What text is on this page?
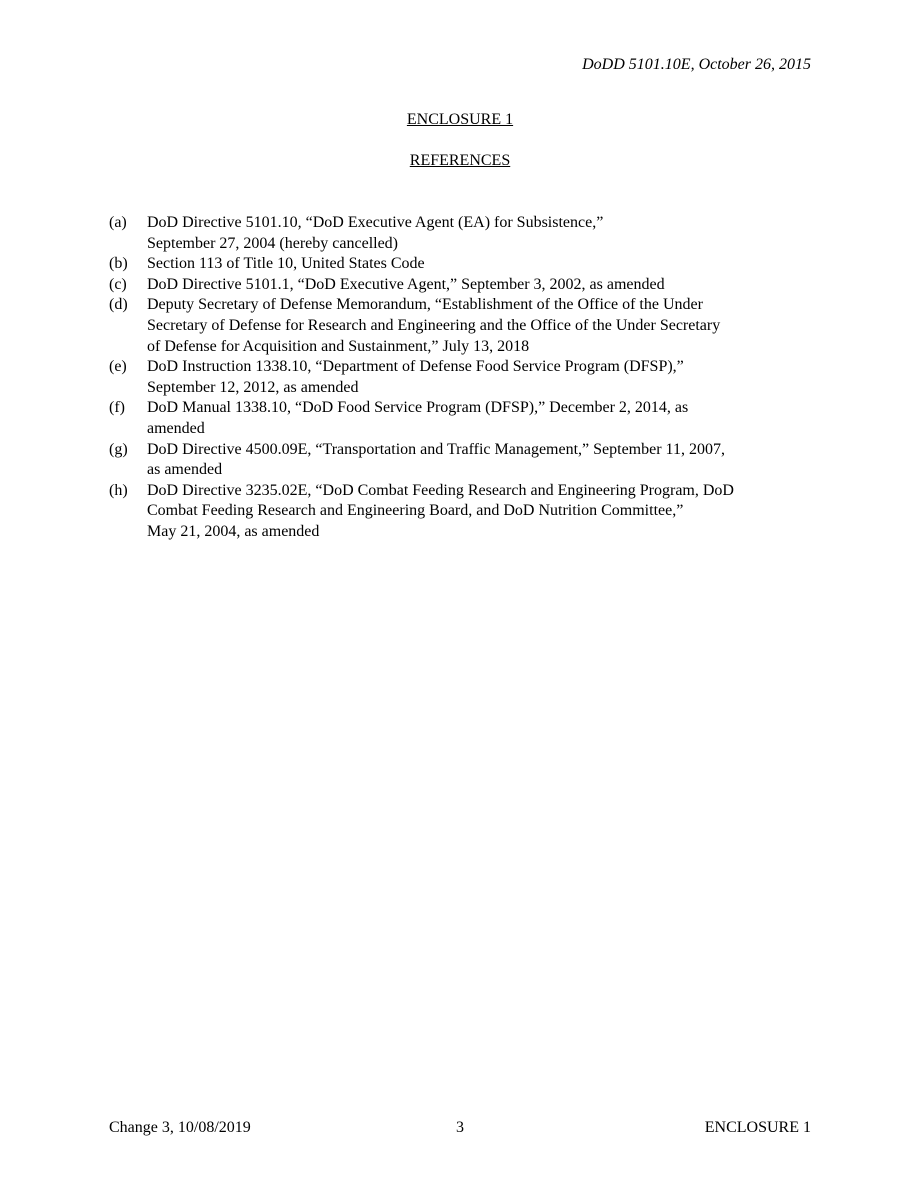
DoDD 5101.10E, October 26, 2015
ENCLOSURE 1
REFERENCES
(a)	DoD Directive 5101.10, “DoD Executive Agent (EA) for Subsistence,”
September 27, 2004 (hereby cancelled)
(b)	Section 113 of Title 10, United States Code
(c)	DoD Directive 5101.1, “DoD Executive Agent,” September 3, 2002, as amended
(d)	Deputy Secretary of Defense Memorandum, “Establishment of the Office of the Under
Secretary of Defense for Research and Engineering and the Office of the Under Secretary
of Defense for Acquisition and Sustainment,” July 13, 2018
(e)	DoD Instruction 1338.10, “Department of Defense Food Service Program (DFSP),”
September 12, 2012, as amended
(f)	DoD Manual 1338.10, “DoD Food Service Program (DFSP),” December 2, 2014, as
amended
(g)	DoD Directive 4500.09E, “Transportation and Traffic Management,” September 11, 2007,
as amended
(h)	DoD Directive 3235.02E, “DoD Combat Feeding Research and Engineering Program, DoD
Combat Feeding Research and Engineering Board, and DoD Nutrition Committee,”
May 21, 2004, as amended
Change 3, 10/08/2019	3	ENCLOSURE 1
